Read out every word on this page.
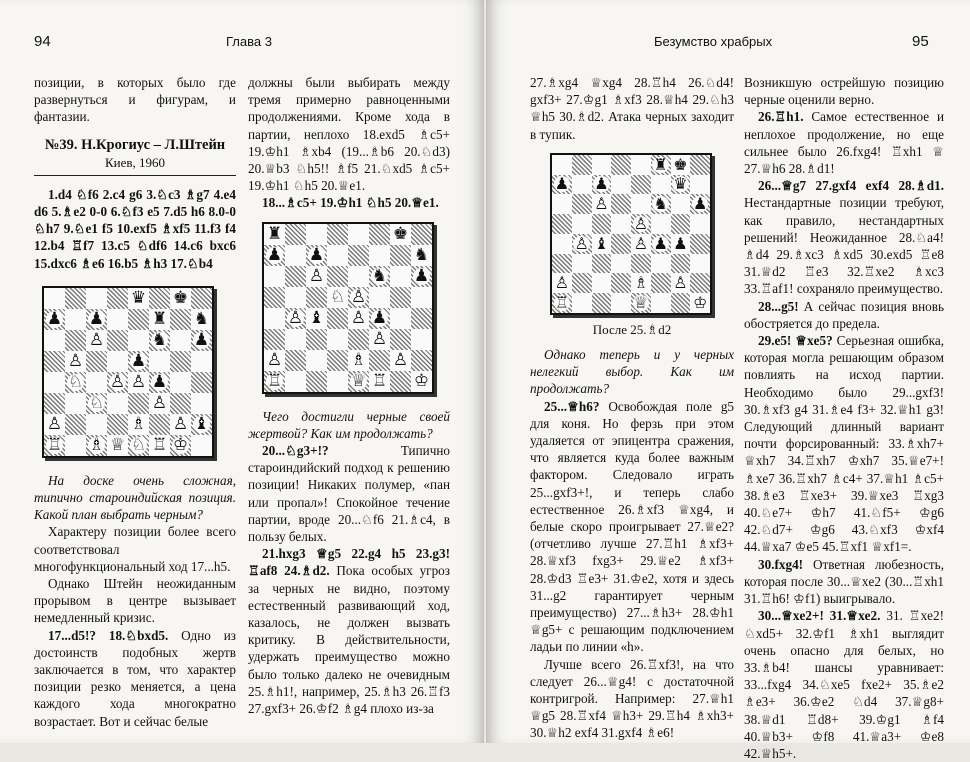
94	Глава 3

позиции, в которых было где развернуться и фигурам, и фантазии.

№39. Н.Крогиус – Л.Штейн
Киев, 1960

1.d4 ♘f6 2.c4 g6 3.♘c3 ♗g7 4.e4 d6 5.♗e2 0-0 6.♘f3 e5 7.d5 h6 8.0-0 ♘h7 9.♘e1 f5 10.exf5 ♗xf5 11.f3 f4 12.b4 ♖f7 13.c5 ♘df6 14.c6 bxc6 15.dxc6 ♗e6 16.b5 ♗h3 17.♘b4

♛ ♚
♟ ♟	♜ ♞
♙	♞ ♟
♙	♟
♘ ♙ ♙ ♟
♘	♙
♙	♗ ♙ ♝
♖ ♗ ♕ ♘ ♖ ♔

На доске очень сложная, типично староиндийская позиция. Какой план выбрать черным?

Характеру позиции более всего соответствовал многофункциональный ход 17...h5.

Однако Штейн неожиданным прорывом в центре вызывает немедленный кризис.

17...d5!? 18.♘bxd5. Одно из достоинств подобных жертв заключается в том, что характер позиции резко меняется, а цена каждого хода многократно возрастает. Вот и сейчас белые

должны были выбирать между тремя примерно равноценными продолжениями. Кроме хода в партии, неплохо 18.exd5 ♗c5+ 19.♔h1 ♗xb4 (19...♗b6 20.♘d3) 20.♕b3 ♘h5!! ♗f5 21.♘xd5 ♗c5+ 19.♔h1 ♘h5 20.♕e1.

18...♗c5+ 19.♔h1 ♘h5 20.♕e1.

♜	♚
♟ ♟	♞
♙	♞ ♟
♘ ♙
♙ ♝ ♙ ♟
♙
♙	♗ ♙
♖	♕ ♖ ♔

Чего достигли черные своей жертвой? Как им продолжать?

20...♘g3+!?	Типично староиндийский подход к решению позиции! Никаких полумер, «пан или пропал»! Спокойное течение партии, вроде 20...♘f6 21.♗c4, в пользу белых.

21.hxg3 ♕g5 22.g4 h5 23.g3! ♖af8 24.♗d2. Пока особых угроз за черных не видно, поэтому естественный развивающий ход, казалось, не должен вызвать критику. В действительности, удержать преимущество можно было только далеко не очевидным 25.♗h1!, например, 25.♗h3 26.♖f3 27.gxf3+ 26.♔f2 ♗g4 плохо из-за

Безумство храбрых	95

27.♗xg4 ♕xg4 28.♖h4 26.♘d4! gxf3+ 27.♔g1 ♗xf3 28.♕h4 29.♘h3 ♕h5 30.♗d2. Атака черных заходит в тупик.

♜ ♚
♟ ♟	♛
♙	♞ ♟
♙
♙ ♝ ♙ ♟ ♟
♙	♗ ♙
♖	♕	♔
После 25.♗d2

Однако теперь и у черных нелегкий выбор. Как им продолжать?

25...♕h6? Освобождая поле g5 для коня. Но ферзь при этом удаляется от эпицентра сражения, что является куда более важным фактором. Следовало играть 25...gxf3+!, и теперь слабо естественное 26.♗xf3 ♕xg4, и белые скоро проигрывает 27.♕e2? (отчетливо лучше 27.♖h1 ♗xf3+ 28.♕xf3 fxg3+ 29.♕e2 ♗xf3+ 28.♔d3 ♖e3+ 31.♔e2, хотя и здесь 31...g2 гарантирует черным преимущество) 27...♗h3+ 28.♔h1 ♕g5+ с решающим подключением ладьи по линии «h».

Лучше всего 26.♖xf3!, на что следует 26...♕g4! с достаточной контригрой. Например: 27.♕h1 ♕g5 28.♖xf4 ♕h3+ 29.♖h4 ♗xh3+ 30.♕h2 exf4 31.gxf4 ♗e6!

Возникшую острейшую позицию черные оценили верно.

26.♖h1. Самое естественное и неплохое продолжение, но еще сильнее было 26.fxg4! ♖xh1 ♕ 27.♕h6 28.♗d1!

26...♕g7 27.gxf4 exf4 28.♗d1. Нестандартные позиции требуют, как правило, нестандартных решений! Неожиданное 28.♘a4! ♗d4 29.♗xc3 ♗xd5 30.exd5 ♖e8 31.♕d2 ♖e3 32.♖xe2 ♗xc3 33.♖af1! сохраняло преимущество.

28...g5! А сейчас позиция вновь обостряется до предела.

29.e5! ♕xe5? Серьезная ошибка, которая могла решающим образом повлиять на исход партии. Необходимо было 29...gxf3! 30.♗xf3 g4 31.♗e4 f3+ 32.♕h1 g3! Следующий длинный вариант почти форсированный: 33.♗xh7+ ♕xh7 34.♖xh7 ♔xh7 35.♕e7+! ♗xe7 36.♖xh7 ♗c4+ 37.♕h1 ♗c5+ 38.♗e3 ♖xe3+ 39.♕xe3 ♖xg3 40.♘e7+ ♔h7 41.♘f5+ ♔g6 42.♘d7+ ♔g6 43.♘xf3 ♔xf4 44.♕xa7 ♔e5 45.♖xf1 ♕xf1=.

30.fxg4! Ответная любезность, которая после 30...♕xe2 (30...♖xh1 31.♖h6! ♔f1) выигрывало.

30...♕xe2+! 31.♕xe2. 31. ♖xe2! ♘xd5+ 32.♔f1 ♗xh1 выглядит очень опасно для белых, но 33.♗b4! шансы уравнивает: 33...fxg4 34.♘xe5 fxe2+ 35.♗e2 ♗e3+ 36.♔e2 ♘d4 37.♕g8+ 38.♕d1 ♖d8+ 39.♔g1 ♗f4 40.♕b3+ ♔f8 41.♕a3+ ♔e8 42.♕h5+.
